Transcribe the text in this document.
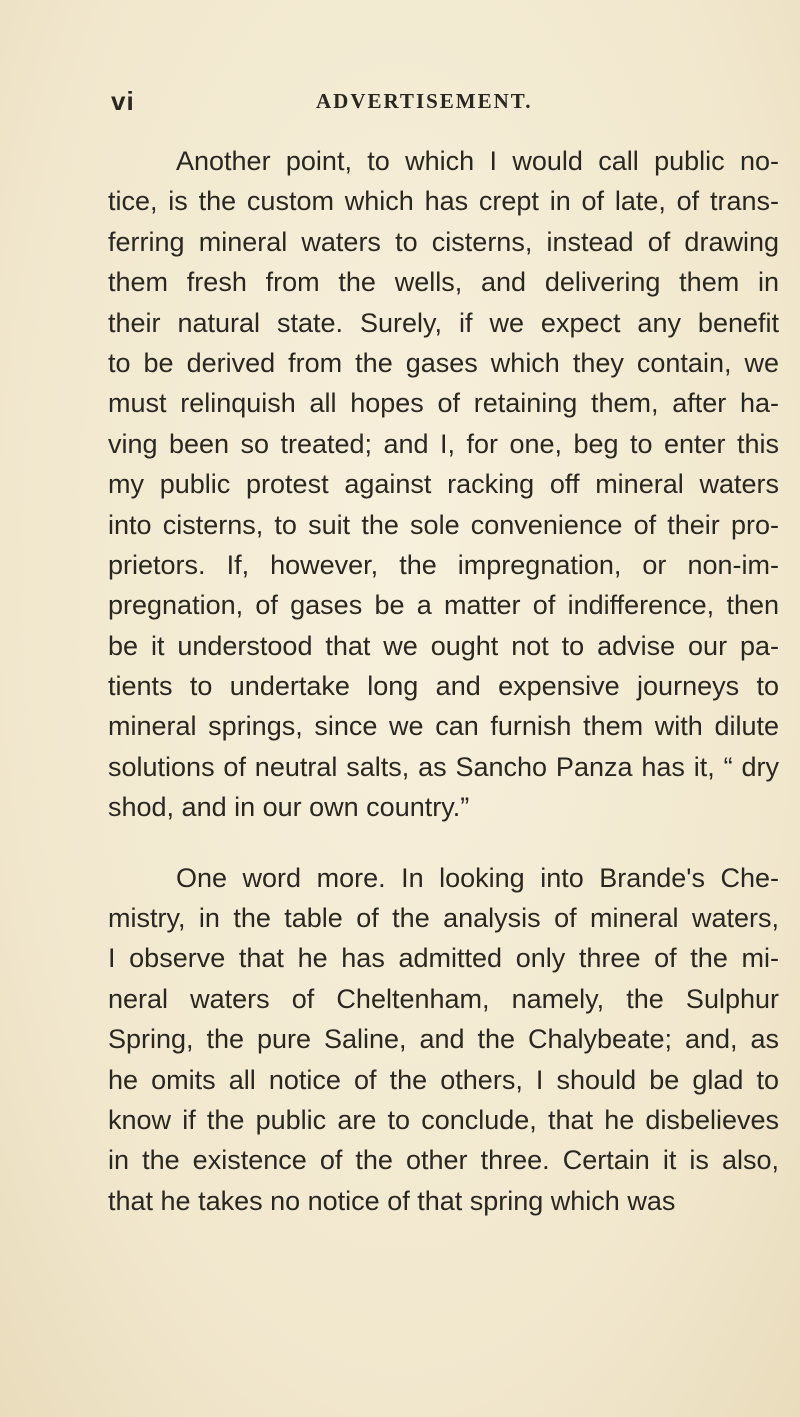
vi	ADVERTISEMENT.
Another point, to which I would call public no-
tice, is the custom which has crept in of late, of trans-
ferring mineral waters to cisterns, instead of drawing
them fresh from the wells, and delivering them in
their natural state. Surely, if we expect any benefit
to be derived from the gases which they contain, we
must relinquish all hopes of retaining them, after ha-
ving been so treated; and I, for one, beg to enter this
my public protest against racking off mineral waters
into cisterns, to suit the sole convenience of their pro-
prietors. If, however, the impregnation, or non-im-
pregnation, of gases be a matter of indifference, then
be it understood that we ought not to advise our pa-
tients to undertake long and expensive journeys to
mineral springs, since we can furnish them with dilute
solutions of neutral salts, as Sancho Panza has it, “ dry
shod, and in our own country.”
One word more. In looking into Brande's Che-
mistry, in the table of the analysis of mineral waters,
I observe that he has admitted only three of the mi-
neral waters of Cheltenham, namely, the Sulphur
Spring, the pure Saline, and the Chalybeate; and, as
he omits all notice of the others, I should be glad to
know if the public are to conclude, that he disbelieves
in the existence of the other three. Certain it is also,
that he takes no notice of that spring which was
